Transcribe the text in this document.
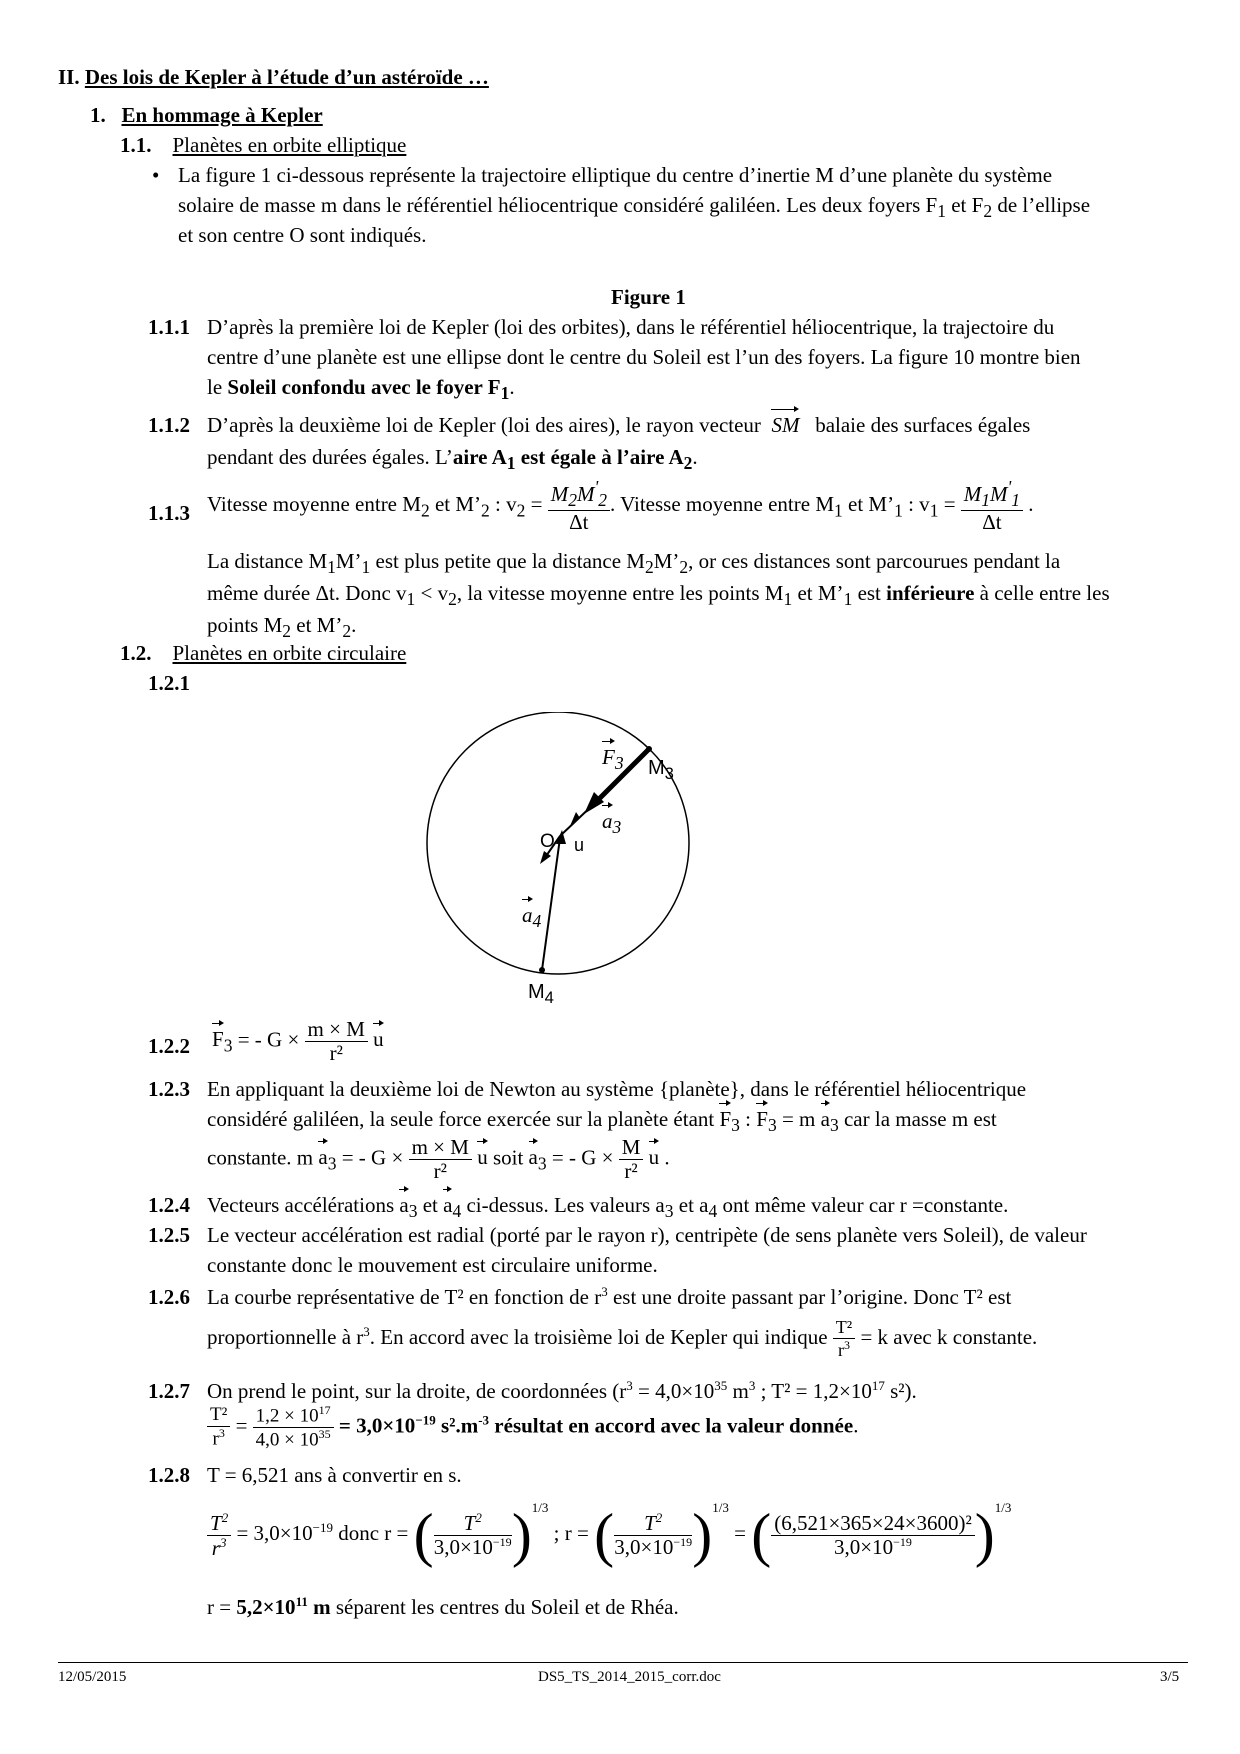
II. Des lois de Kepler à l’étude d’un astéroïde …
1. En hommage à Kepler
1.1. Planètes en orbite elliptique
• La figure 1 ci-dessous représente la trajectoire elliptique du centre d’inertie M d’une planète du système
solaire de masse m dans le référentiel héliocentrique considéré galiléen. Les deux foyers $F_1$ et $F_2$ de l’ellipse
et son centre O sont indiqués.
Figure 1
1.1.1 D’après la première loi de Kepler (loi des orbites), dans le référentiel héliocentrique, la trajectoire du
centre d’une planète est une ellipse dont le centre du Soleil est l’un des foyers. La figure 10 montre bien
le Soleil confondu avec le foyer $F_1$.
1.1.2 D’après la deuxième loi de Kepler (loi des aires), le rayon vecteur SM balaie des surfaces égales
pendant des durées égales. L’aire $A_1$ est égale à l’aire $A_2$.
1.1.3 Vitesse moyenne entre $M_2$ et $M’_2$ : $v_2 = \frac{M_2M'_2}{\Delta t}$ . Vitesse moyenne entre $M_1$ et $M’_1$ : $v_1 = \frac{M_1M'_1}{\Delta t}$ .
La distance $M_1M’_1$ est plus petite que la distance $M_2M’_2$, or ces distances sont parcourues pendant la
même durée Δt. Donc $v_1 < v_2$, la vitesse moyenne entre les points $M_1$ et $M’_1$ est inférieure à celle entre les
points $M_2$ et $M’_2$.
1.2. Planètes en orbite circulaire
1.2.1
$F_3$ $M_3$
$a_3$
O u
$a_4$
$M_4$
1.2.2 $F_3$ = - $G \times \frac{m \times M}{\text{r²}}$ u
1.2.3 En appliquant la deuxième loi de Newton au système {planète}, dans le référentiel héliocentrique
considéré galiléen, la seule force exercée sur la planète étant $F_3$ : $F_3 = m$ $a_3$ car la masse m est
constante. m $a_3$ = - $G \times \frac{m \times M}{\text{r²}}$ u soit $a_3$ = - $G \times \frac{M}{\text{r²}}$ u .
1.2.4 Vecteurs accélérations $a_3$ et $a_4$ ci-dessus. Les valeurs $a_3$ et $a_4$ ont même valeur car r =constante.
1.2.5 Le vecteur accélération est radial (porté par le rayon r), centripète (de sens planète vers Soleil), de valeur
constante donc le mouvement est circulaire uniforme.
1.2.6 La courbe représentative de T² en fonction de $r^3$ est une droite passant par l’origine. Donc T² est
proportionnelle à $r^3$. En accord avec la troisième loi de Kepler qui indique $\frac{\text{T²}}{r^3} = k$ avec k constante.
1.2.7 On prend le point, sur la droite, de coordonnées ($r^3 = 4,0\times 10^{35}$ $m^3$ ; $T^2 = 1,2\times 10^{17}$ s²).
$\frac{\text{T²}}{r^3} = \frac{1,2 \times 10^{17}}{4,0 \times 10^{35}} = 3,0\times 10^{-19}$ $s^2.m^{-3}$ résultat en accord avec la valeur donnée.
1.2.8 T = 6,521 ans à convertir en s.
$\frac{T^2}{r^3} = 3,0\times 10^{-19}$ donc r = ( $\frac{T^2}{3,0\times 10^{-19}} )^{1/3}$ ; r = ( $\frac{T^2}{3,0\times 10^{-19}} )^{1/3}$ = ( $\frac{\text{(6,521×365×24×3600)²}}{3,0\times 10^{-19}} )^{1/3}$
$r = 5,2\times 10^{11}$ m séparent les centres du Soleil et de Rhéa.
12/05/2015	DS5_TS_2014_2015_corr.doc	3/5
